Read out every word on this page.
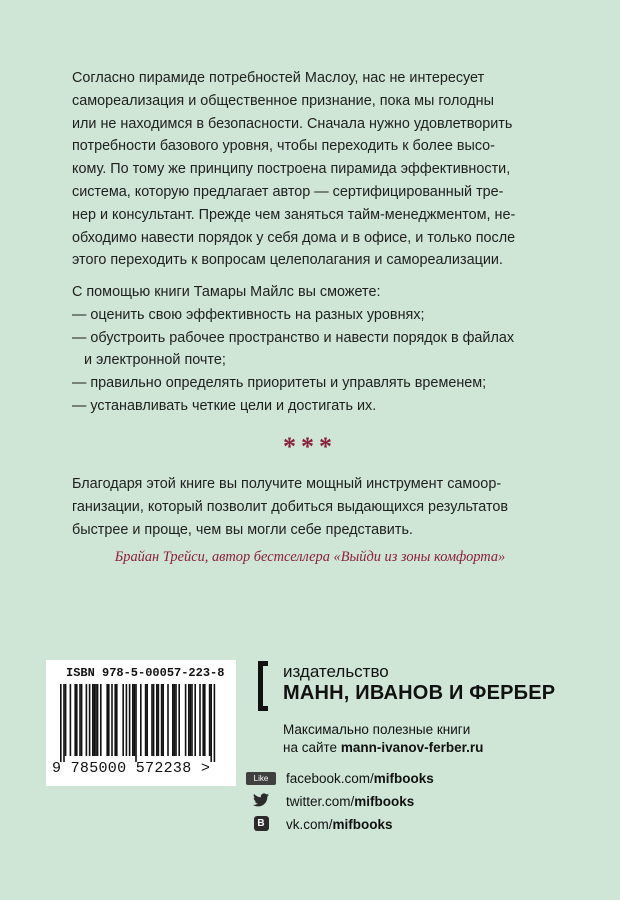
Согласно пирамиде потребностей Маслоу, нас не интересует
самореализация и общественное признание, пока мы голодны
или не находимся в безопасности. Сначала нужно удовлетворить
потребности базового уровня, чтобы переходить к более высо-
кому. По тому же принципу построена пирамида эффективности,
система, которую предлагает автор — сертифицированный тре-
нер и консультант. Прежде чем заняться тайм-менеджментом, не-
обходимо навести порядок у себя дома и в офисе, и только после
этого переходить к вопросам целеполагания и самореализации.
С помощью книги Тамары Майлс вы сможете:
— оценить свою эффективность на разных уровнях;
— обустроить рабочее пространство и навести порядок в файлах
и электронной почте;
— правильно определять приоритеты и управлять временем;
— устанавливать четкие цели и достигать их.
***
Благодаря этой книге вы получите мощный инструмент самоор-
ганизации, который позволит добиться выдающихся результатов
быстрее и проще, чем вы могли себе представить.
Брайан Трейси, автор бестселлера «Выйди из зоны комфорта»
ISBN 978-5-00057-223-8
9 785000 572238 >
издательство
МАНН, ИВАНОВ И ФЕРБЕР
Максимально полезные книги
на сайте mann-ivanov-ferber.ru
Like facebook.com/mifbooks
twitter.com/mifbooks
B vk.com/mifbooks
